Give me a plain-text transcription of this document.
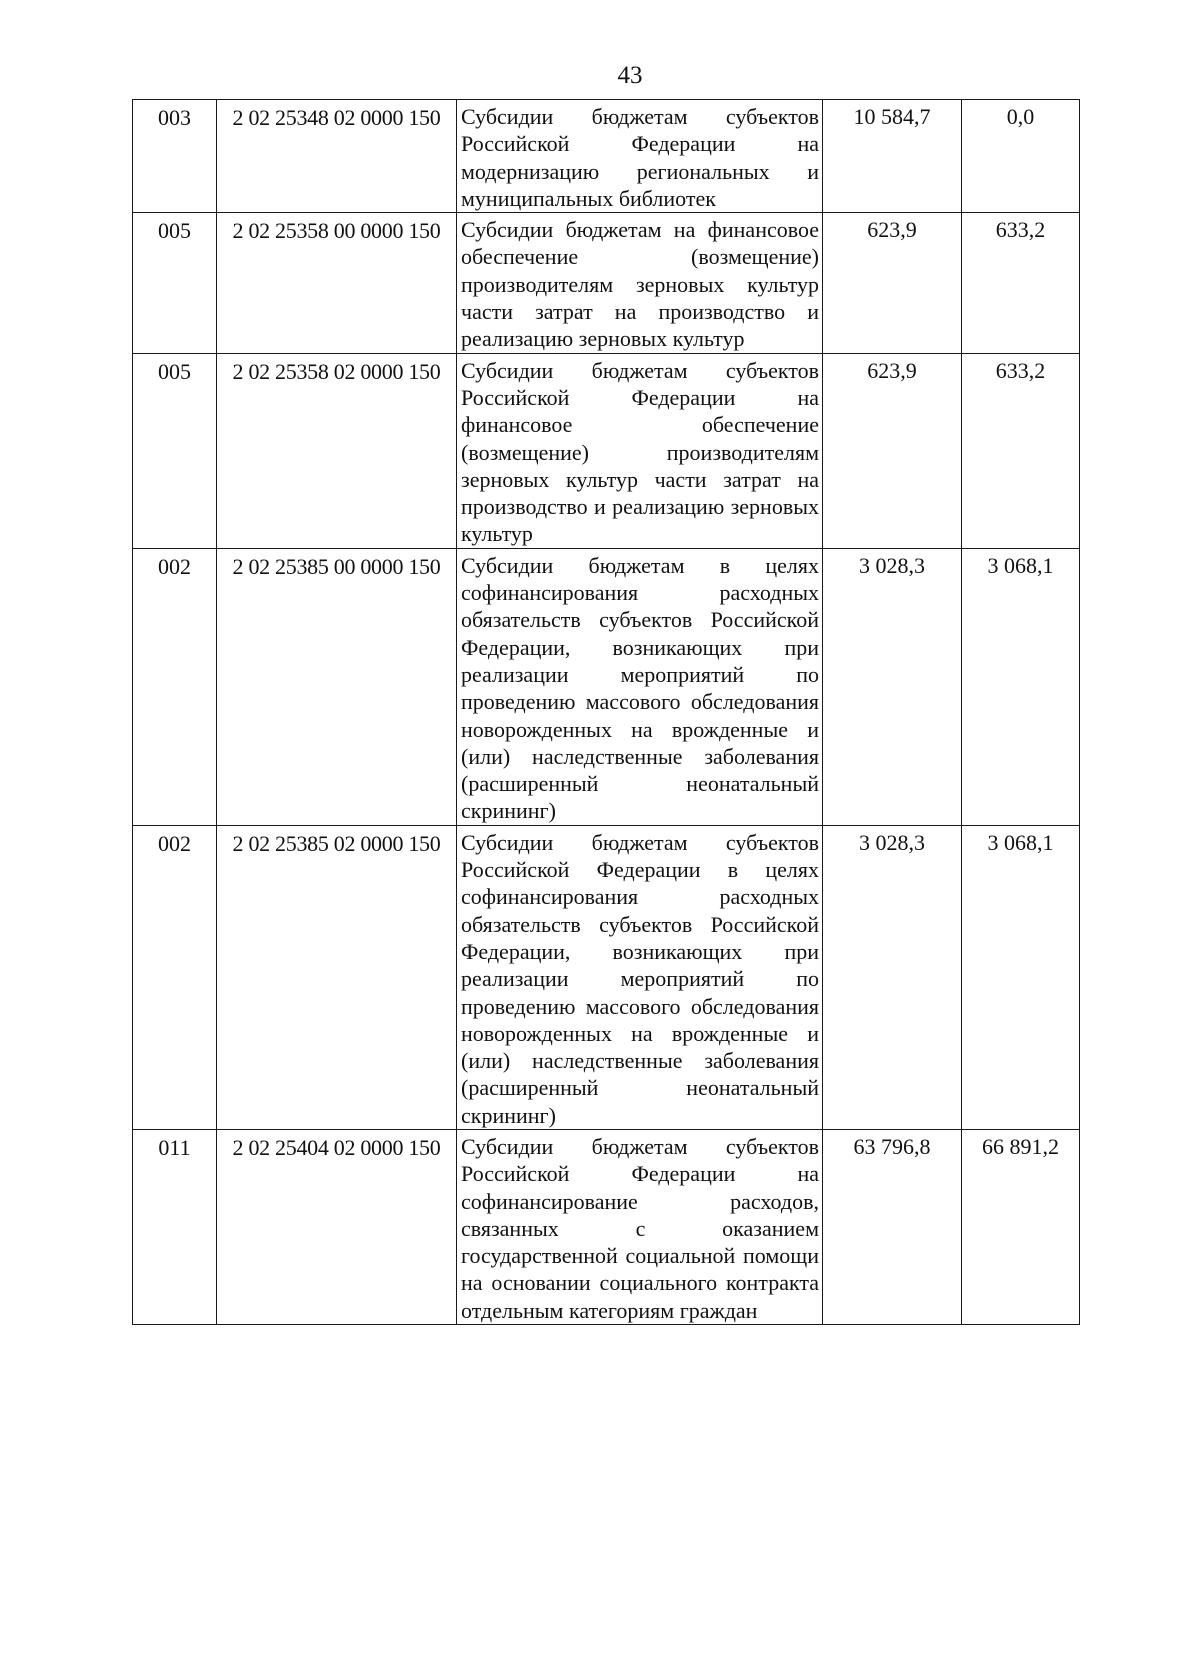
43
003	2 02 25348 02 0000 150	Субсидии бюджетам субъектов Российской Федерации на модернизацию региональных и муниципальных библиотек	10 584,7	0,0
005	2 02 25358 00 0000 150	Субсидии бюджетам на финансовое обеспечение (возмещение) производителям зерновых культур части затрат на производство и реализацию зерновых культур	623,9	633,2
005	2 02 25358 02 0000 150	Субсидии бюджетам субъектов Российской Федерации на финансовое обеспечение (возмещение) производителям зерновых культур части затрат на производство и реализацию зерновых культур	623,9	633,2
002	2 02 25385 00 0000 150	Субсидии бюджетам в целях софинансирования расходных обязательств субъектов Российской Федерации, возникающих при реализации мероприятий по проведению массового обследования новорожденных на врожденные и (или) наследственные заболевания (расширенный неонатальный скрининг)	3 028,3	3 068,1
002	2 02 25385 02 0000 150	Субсидии бюджетам субъектов Российской Федерации в целях софинансирования расходных обязательств субъектов Российской Федерации, возникающих при реализации мероприятий по проведению массового обследования новорожденных на врожденные и (или) наследственные заболевания (расширенный неонатальный скрининг)	3 028,3	3 068,1
011	2 02 25404 02 0000 150	Субсидии бюджетам субъектов Российской Федерации на софинансирование расходов, связанных с оказанием государственной социальной помощи на основании социального контракта отдельным категориям граждан	63 796,8	66 891,2
